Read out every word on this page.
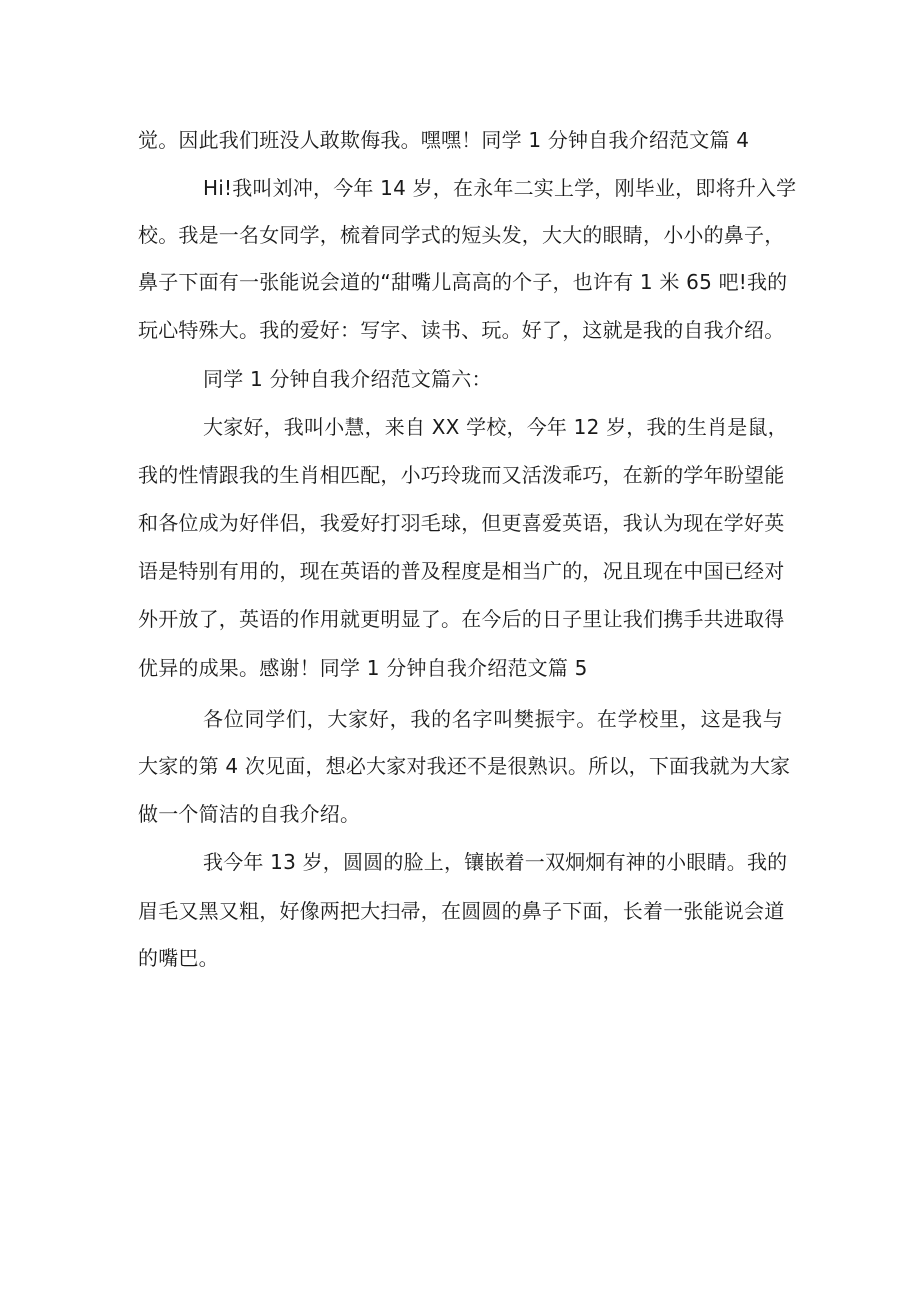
觉。因此我们班没人敢欺侮我。嘿嘿！同学 1 分钟自我介绍范文篇 4
Hi!我叫刘冲，今年 14 岁，在永年二实上学，刚毕业，即将升入学
校。我是一名女同学，梳着同学式的短头发，大大的眼睛，小小的鼻子，
鼻子下面有一张能说会道的“甜嘴儿高高的个子，也许有 1 米 65 吧!我的
玩心特殊大。我的爱好：写字、读书、玩。好了，这就是我的自我介绍。
同学 1 分钟自我介绍范文篇六：
大家好，我叫小慧，来自 XX 学校，今年 12 岁，我的生肖是鼠，
我的性情跟我的生肖相匹配，小巧玲珑而又活泼乖巧，在新的学年盼望能
和各位成为好伴侣，我爱好打羽毛球，但更喜爱英语，我认为现在学好英
语是特别有用的，现在英语的普及程度是相当广的，况且现在中国已经对
外开放了，英语的作用就更明显了。在今后的日子里让我们携手共进取得
优异的成果。感谢！同学 1 分钟自我介绍范文篇 5
各位同学们，大家好，我的名字叫樊振宇。在学校里，这是我与
大家的第 4 次见面，想必大家对我还不是很熟识。所以，下面我就为大家
做一个简洁的自我介绍。
我今年 13 岁，圆圆的脸上，镶嵌着一双炯炯有神的小眼睛。我的
眉毛又黑又粗，好像两把大扫帚，在圆圆的鼻子下面，长着一张能说会道
的嘴巴。
